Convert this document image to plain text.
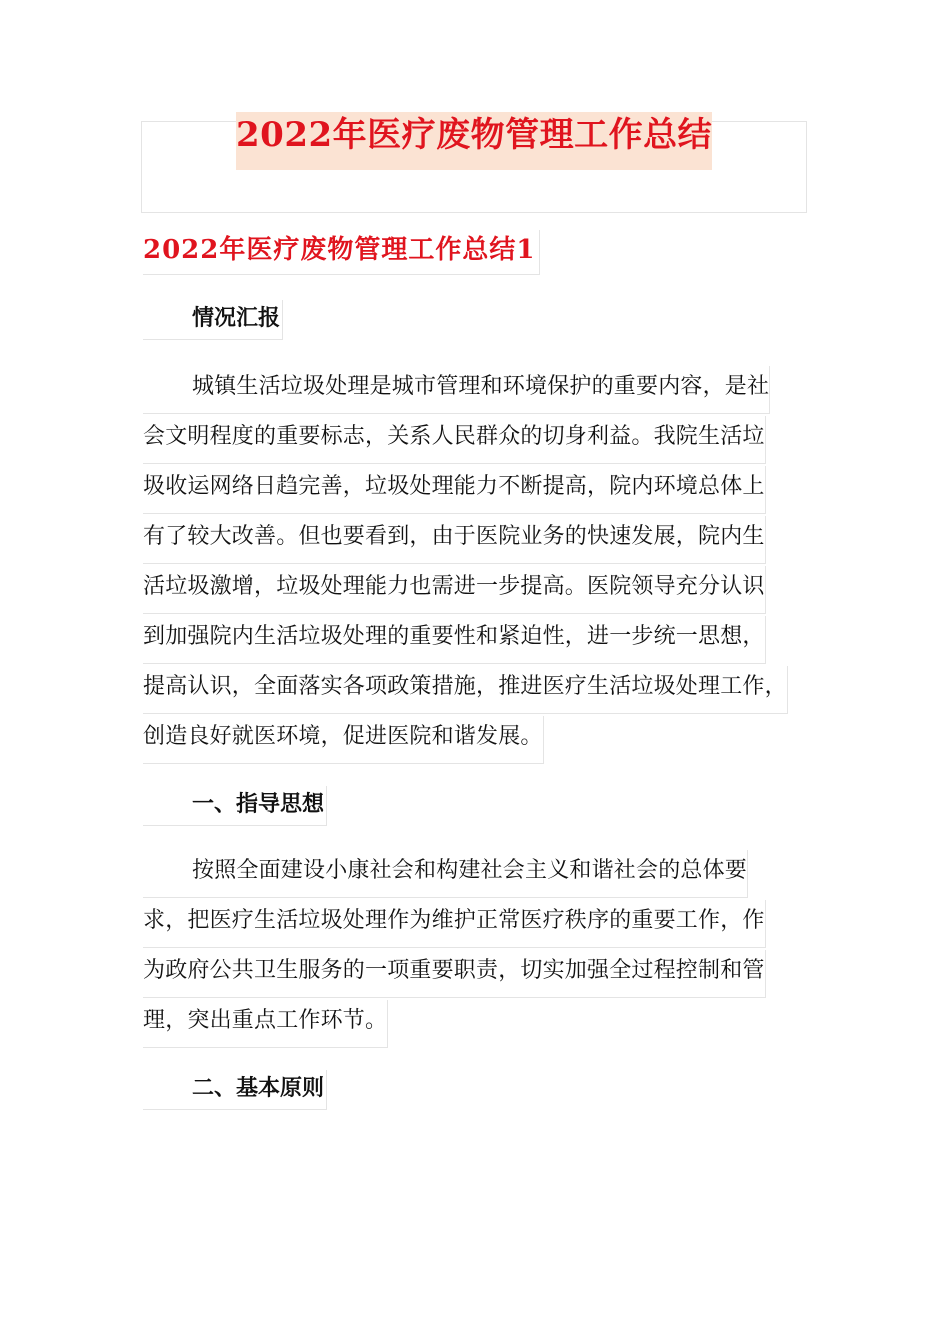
2022年医疗废物管理工作总结
2022年医疗废物管理工作总结1
情况汇报
城镇生活垃圾处理是城市管理和环境保护的重要内容，是社
会文明程度的重要标志，关系人民群众的切身利益。我院生活垃
圾收运网络日趋完善，垃圾处理能力不断提高，院内环境总体上
有了较大改善。但也要看到，由于医院业务的快速发展，院内生
活垃圾激增，垃圾处理能力也需进一步提高。医院领导充分认识
到加强院内生活垃圾处理的重要性和紧迫性，进一步统一思想，
提高认识，全面落实各项政策措施，推进医疗生活垃圾处理工作，
创造良好就医环境，促进医院和谐发展。
一、指导思想
按照全面建设小康社会和构建社会主义和谐社会的总体要
求，把医疗生活垃圾处理作为维护正常医疗秩序的重要工作，作
为政府公共卫生服务的一项重要职责，切实加强全过程控制和管
理，突出重点工作环节。
二、基本原则
